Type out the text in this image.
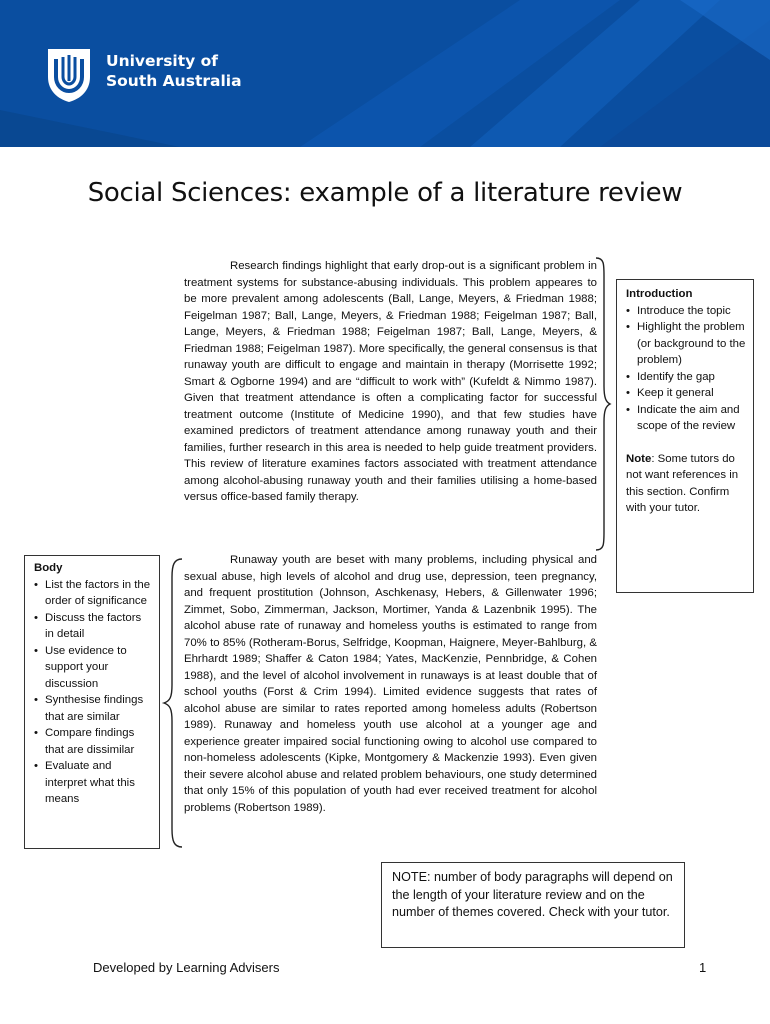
University of
South Australia
Social Sciences: example of a literature review
Research findings highlight that early drop-out is a significant problem in treatment systems for substance-abusing individuals. This problem appeares to be more prevalent among adolescents (Ball, Lange, Meyers, & Friedman 1988; Feigelman 1987; Ball, Lange, Meyers, & Friedman 1988; Feigelman 1987; Ball, Lange, Meyers, & Friedman 1988; Feigelman 1987; Ball, Lange, Meyers, & Friedman 1988; Feigelman 1987). More specifically, the general consensus is that runaway youth are difficult to engage and maintain in therapy (Morrisette 1992; Smart & Ogborne 1994) and are “difficult to work with” (Kufeldt & Nimmo 1987). Given that treatment attendance is often a complicating factor for successful treatment outcome (Institute of Medicine 1990), and that few studies have examined predictors of treatment attendance among runaway youth and their families, further research in this area is needed to help guide treatment providers. This review of literature examines factors associated with treatment attendance among alcohol-abusing runaway youth and their families utilising a home-based versus office-based family therapy.
Introduction
• Introduce the topic
• Highlight the problem (or background to the problem)
• Identify the gap
• Keep it general
• Indicate the aim and scope of the review
Note: Some tutors do not want references in this section. Confirm with your tutor.
Body
• List the factors in the order of significance
• Discuss the factors in detail
• Use evidence to support your discussion
• Synthesise findings that are similar
• Compare findings that are dissimilar
• Evaluate and interpret what this means
Runaway youth are beset with many problems, including physical and sexual abuse, high levels of alcohol and drug use, depression, teen pregnancy, and frequent prostitution (Johnson, Aschkenasy, Hebers, & Gillenwater 1996; Zimmet, Sobo, Zimmerman, Jackson, Mortimer, Yanda & Lazenbnik 1995). The alcohol abuse rate of runaway and homeless youths is estimated to range from 70% to 85% (Rotheram-Borus, Selfridge, Koopman, Haignere, Meyer-Bahlburg, & Ehrhardt 1989; Shaffer & Caton 1984; Yates, MacKenzie, Pennbridge, & Cohen 1988), and the level of alcohol involvement in runaways is at least double that of school youths (Forst & Crim 1994). Limited evidence suggests that rates of alcohol abuse are similar to rates reported among homeless adults (Robertson 1989). Runaway and homeless youth use alcohol at a younger age and experience greater impaired social functioning owing to alcohol use compared to non-homeless adolescents (Kipke, Montgomery & Mackenzie 1993). Even given their severe alcohol abuse and related problem behaviours, one study determined that only 15% of this population of youth had ever received treatment for alcohol problems (Robertson 1989).
NOTE: number of body paragraphs will depend on the length of your literature review and on the number of themes covered. Check with your tutor.
Developed by Learning Advisers	1
